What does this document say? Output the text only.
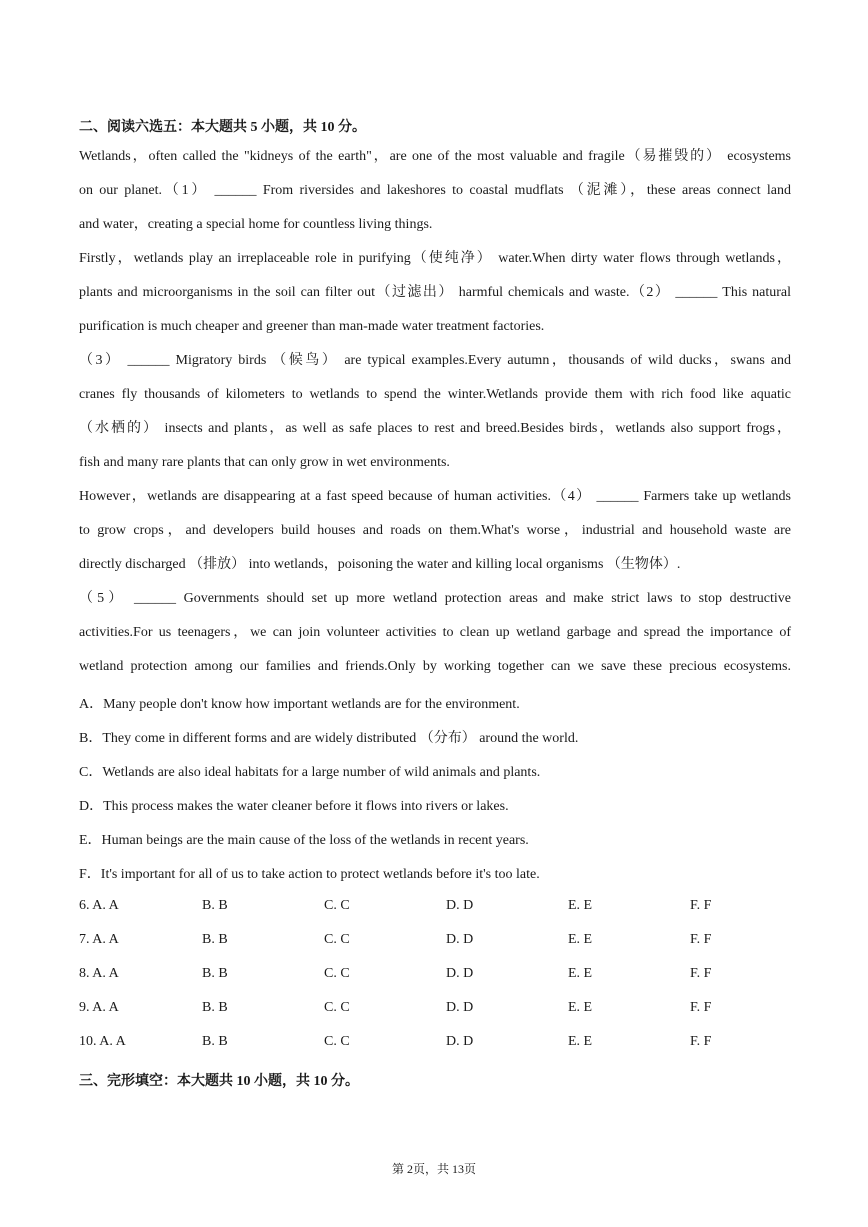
二、阅读六选五：本大题共 5 小题，共 10 分。
Wetlands，often called the "kidneys of the earth"，are one of the most valuable and fragile（易摧毁的） ecosystems
on our planet.（1） ______ From riversides and lakeshores to coastal mudflats （泥滩），these areas connect land
and water，creating a special home for countless living things.
Firstly，wetlands play an irreplaceable role in purifying（使纯净） water.When dirty water flows through wetlands，
plants and microorganisms in the soil can filter out（过滤出） harmful chemicals and waste.（2） ______ This natural
purification is much cheaper and greener than man-made water treatment factories.
（3） ______ Migratory birds （候鸟） are typical examples.Every autumn，thousands of wild ducks，swans and
cranes fly thousands of kilometers to wetlands to spend the winter.Wetlands provide them with rich food like aquatic
（水栖的） insects and plants，as well as safe places to rest and breed.Besides birds，wetlands also support frogs，
fish and many rare plants that can only grow in wet environments.
However，wetlands are disappearing at a fast speed because of human activities.（4） ______ Farmers take up wetlands
to grow crops，and developers build houses and roads on them.What's worse，industrial and household waste are
directly discharged （排放） into wetlands，poisoning the water and killing local organisms （生物体）.
（5） ______ Governments should set up more wetland protection areas and make strict laws to stop destructive
activities.For us teenagers，we can join volunteer activities to clean up wetland garbage and spread the importance of
wetland protection among our families and friends.Only by working together can we save these precious ecosystems.
A．Many people don't know how important wetlands are for the environment.
B．They come in different forms and are widely distributed （分布） around the world.
C．Wetlands are also ideal habitats for a large number of wild animals and plants.
D．This process makes the water cleaner before it flows into rivers or lakes.
E．Human beings are the main cause of the loss of the wetlands in recent years.
F．It's important for all of us to take action to protect wetlands before it's too late.
6. A. A	B. B	C. C	D. D	E. E	F. F
7. A. A	B. B	C. C	D. D	E. E	F. F
8. A. A	B. B	C. C	D. D	E. E	F. F
9. A. A	B. B	C. C	D. D	E. E	F. F
10. A. A	B. B	C. C	D. D	E. E	F. F
三、完形填空：本大题共 10 小题，共 10 分。
第 2页，共 13页
